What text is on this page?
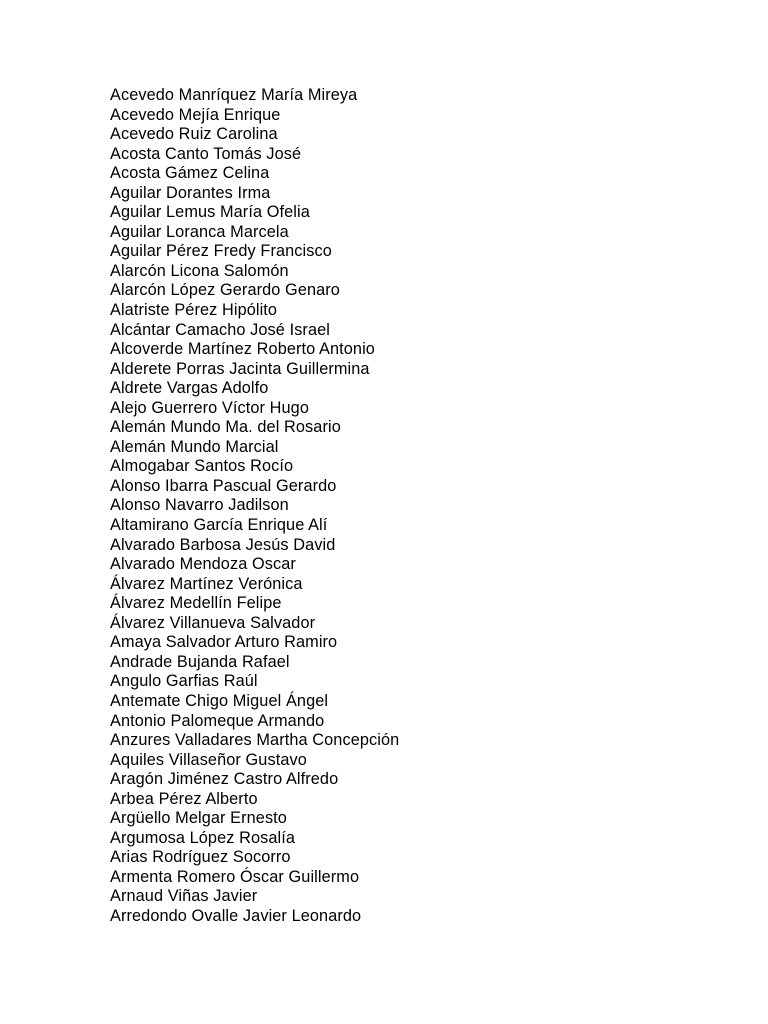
Acevedo Manríquez María Mireya
Acevedo Mejía Enrique
Acevedo Ruiz Carolina
Acosta Canto Tomás José
Acosta Gámez Celina
Aguilar Dorantes Irma
Aguilar Lemus María Ofelia
Aguilar Loranca Marcela
Aguilar Pérez Fredy Francisco
Alarcón Licona Salomón
Alarcón López Gerardo Genaro
Alatriste Pérez Hipólito
Alcántar Camacho José Israel
Alcoverde Martínez Roberto Antonio
Alderete Porras Jacinta Guillermina
Aldrete Vargas Adolfo
Alejo Guerrero Víctor Hugo
Alemán Mundo Ma. del Rosario
Alemán Mundo Marcial
Almogabar Santos Rocío
Alonso Ibarra Pascual Gerardo
Alonso Navarro Jadilson
Altamirano García Enrique Alí
Alvarado Barbosa Jesús David
Alvarado Mendoza Oscar
Álvarez Martínez Verónica
Álvarez Medellín Felipe
Álvarez Villanueva Salvador
Amaya Salvador Arturo Ramiro
Andrade Bujanda Rafael
Angulo Garfias Raúl
Antemate Chigo Miguel Ángel
Antonio Palomeque Armando
Anzures Valladares Martha Concepción
Aquiles Villaseñor Gustavo
Aragón Jiménez Castro Alfredo
Arbea Pérez Alberto
Argüello Melgar Ernesto
Argumosa López Rosalía
Arias Rodríguez Socorro
Armenta Romero Óscar Guillermo
Arnaud Viñas Javier
Arredondo Ovalle Javier Leonardo
